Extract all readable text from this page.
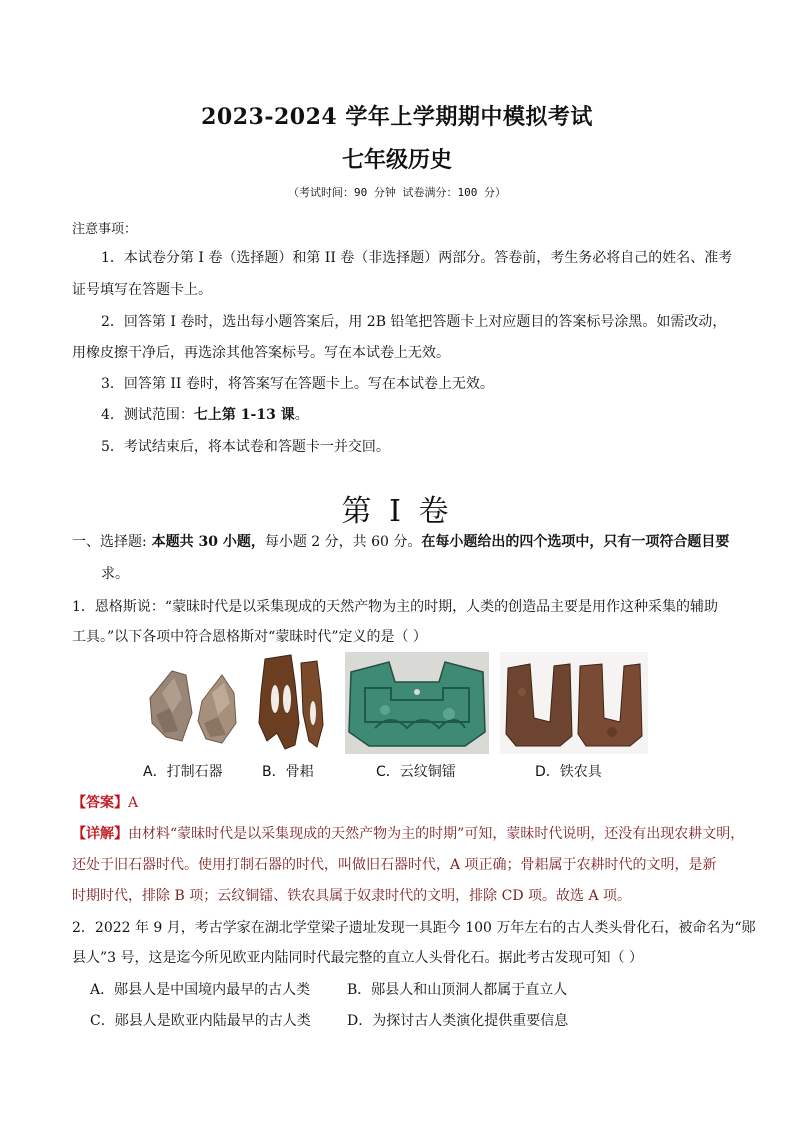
2023-2024 学年上学期期中模拟考试
七年级历史
（考试时间：90 分钟 试卷满分：100 分）
注意事项：
1．本试卷分第 I 卷（选择题）和第 II 卷（非选择题）两部分。答卷前，考生务必将自己的姓名、准考
证号填写在答题卡上。
2．回答第 I 卷时，选出每小题答案后，用 2B 铅笔把答题卡上对应题目的答案标号涂黑。如需改动，
用橡皮擦干净后，再选涂其他答案标号。写在本试卷上无效。
3．回答第 II 卷时，将答案写在答题卡上。写在本试卷上无效。
4．测试范围：七上第 1-13 课。
5．考试结束后，将本试卷和答题卡一并交回。
第 I 卷
一、选择题: 本题共 30 小题，每小题 2 分，共 60 分。在每小题给出的四个选项中，只有一项符合题目要
求。
1．恩格斯说：“蒙昧时代是以采集现成的天然产物为主的时期，人类的创造品主要是用作这种采集的辅助
工具。”以下各项中符合恩格斯对“蒙昧时代”定义的是（ ）
A．打制石器	B．骨耜	C．云纹铜镭	D．铁农具
【答案】A
【详解】由材料“蒙昧时代是以采集现成的天然产物为主的时期”可知，蒙昧时代说明，还没有出现农耕文明，
还处于旧石器时代。使用打制石器的时代，叫做旧石器时代，A 项正确；骨耜属于农耕时代的文明，是新
时期时代，排除 B 项；云纹铜镭、铁农具属于奴隶时代的文明，排除 CD 项。故选 A 项。
2．2022 年 9 月，考古学家在湖北学堂梁子遗址发现一具距今 100 万年左右的古人类头骨化石，被命名为“郧
县人”3 号，这是迄今所见欧亚内陆同时代最完整的直立人头骨化石。据此考古发现可知（ ）
A．郧县人是中国境内最早的古人类	B．郧县人和山顶洞人都属于直立人
C．郧县人是欧亚内陆最早的古人类	D．为探讨古人类演化提供重要信息
